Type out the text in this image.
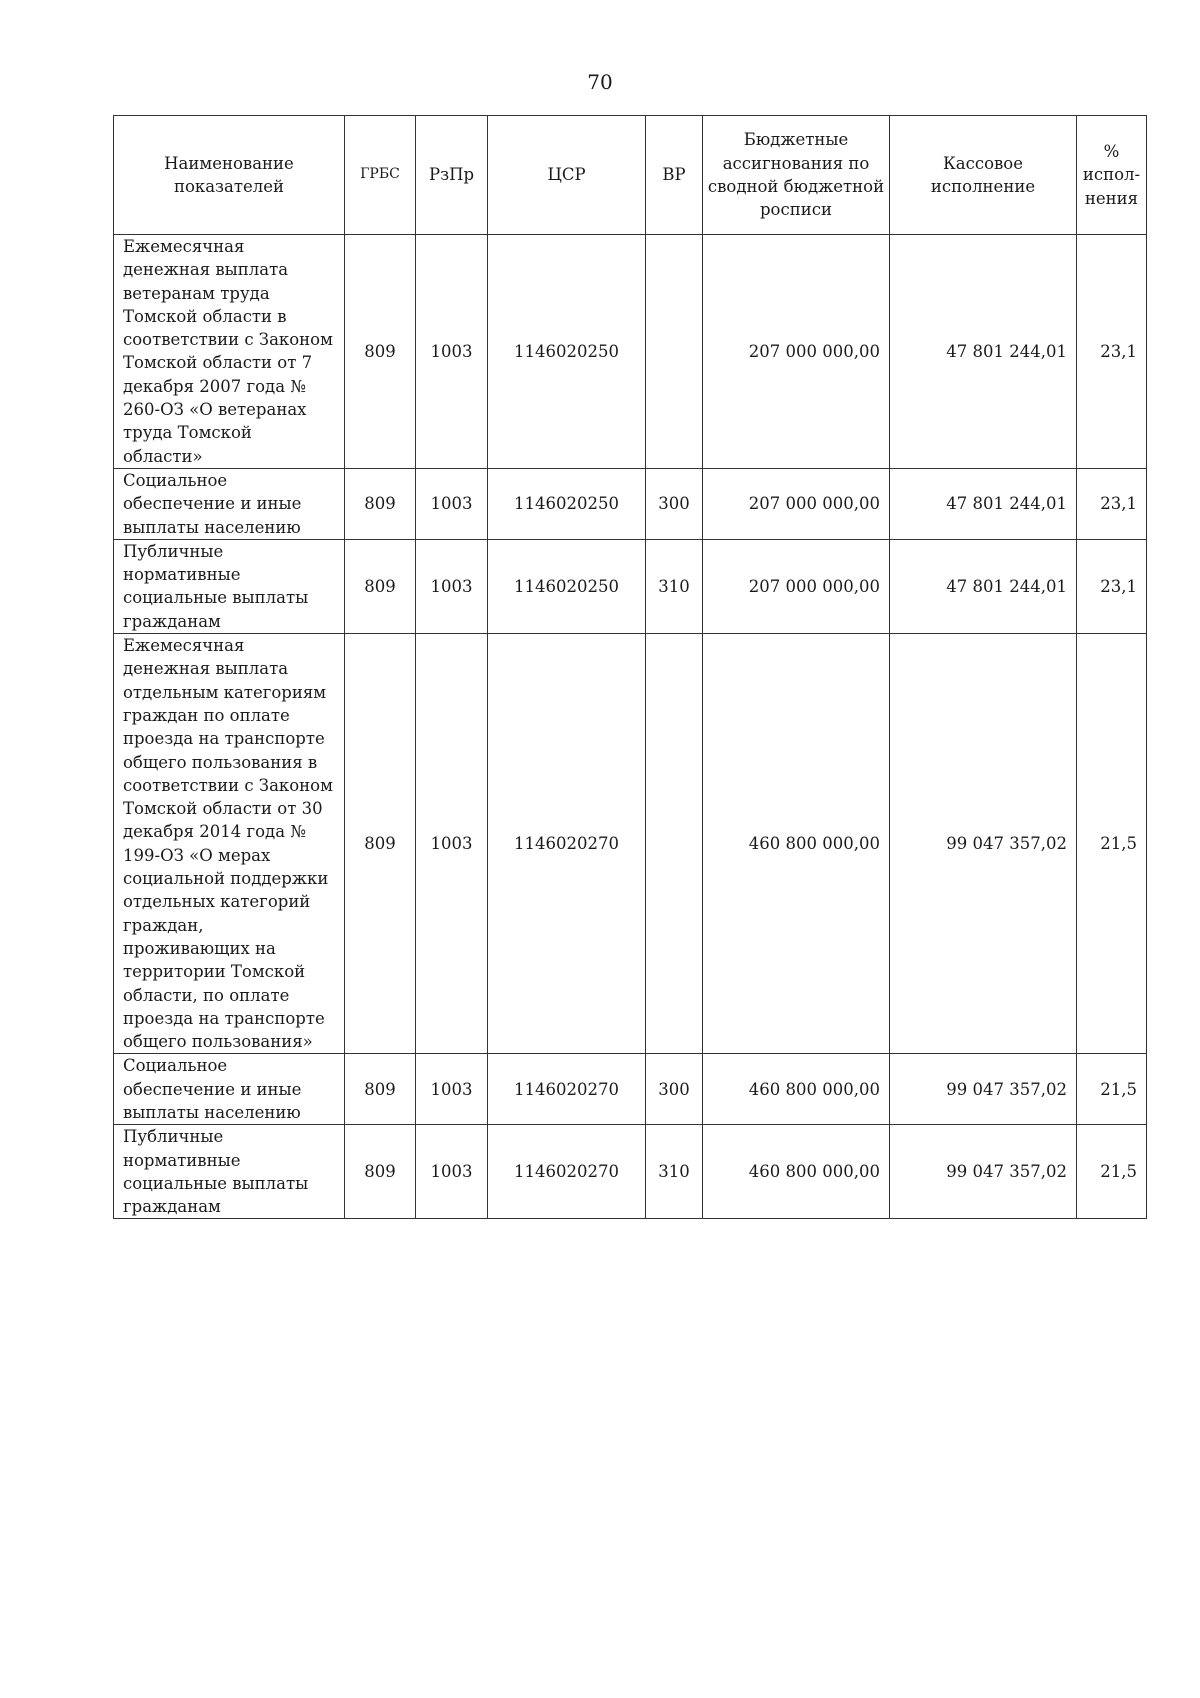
70
Наименование показателей	ГРБС	РзПр	ЦСР	ВР	Бюджетные ассигнования по сводной бюджетной росписи	Кассовое исполнение	% испол-нения
Ежемесячная денежная выплата ветеранам труда Томской области в соответствии с Законом Томской области от 7 декабря 2007 года № 260-ОЗ «О ветеранах труда Томской области»	809	1003	1146020250		207 000 000,00	47 801 244,01	23,1
Социальное обеспечение и иные выплаты населению	809	1003	1146020250	300	207 000 000,00	47 801 244,01	23,1
Публичные нормативные социальные выплаты гражданам	809	1003	1146020250	310	207 000 000,00	47 801 244,01	23,1
Ежемесячная денежная выплата отдельным категориям граждан по оплате проезда на транспорте общего пользования в соответствии с Законом Томской области от 30 декабря 2014 года № 199-ОЗ «О мерах социальной поддержки отдельных категорий граждан, проживающих на территории Томской области, по оплате проезда на транспорте общего пользования»	809	1003	1146020270		460 800 000,00	99 047 357,02	21,5
Социальное обеспечение и иные выплаты населению	809	1003	1146020270	300	460 800 000,00	99 047 357,02	21,5
Публичные нормативные социальные выплаты гражданам	809	1003	1146020270	310	460 800 000,00	99 047 357,02	21,5
